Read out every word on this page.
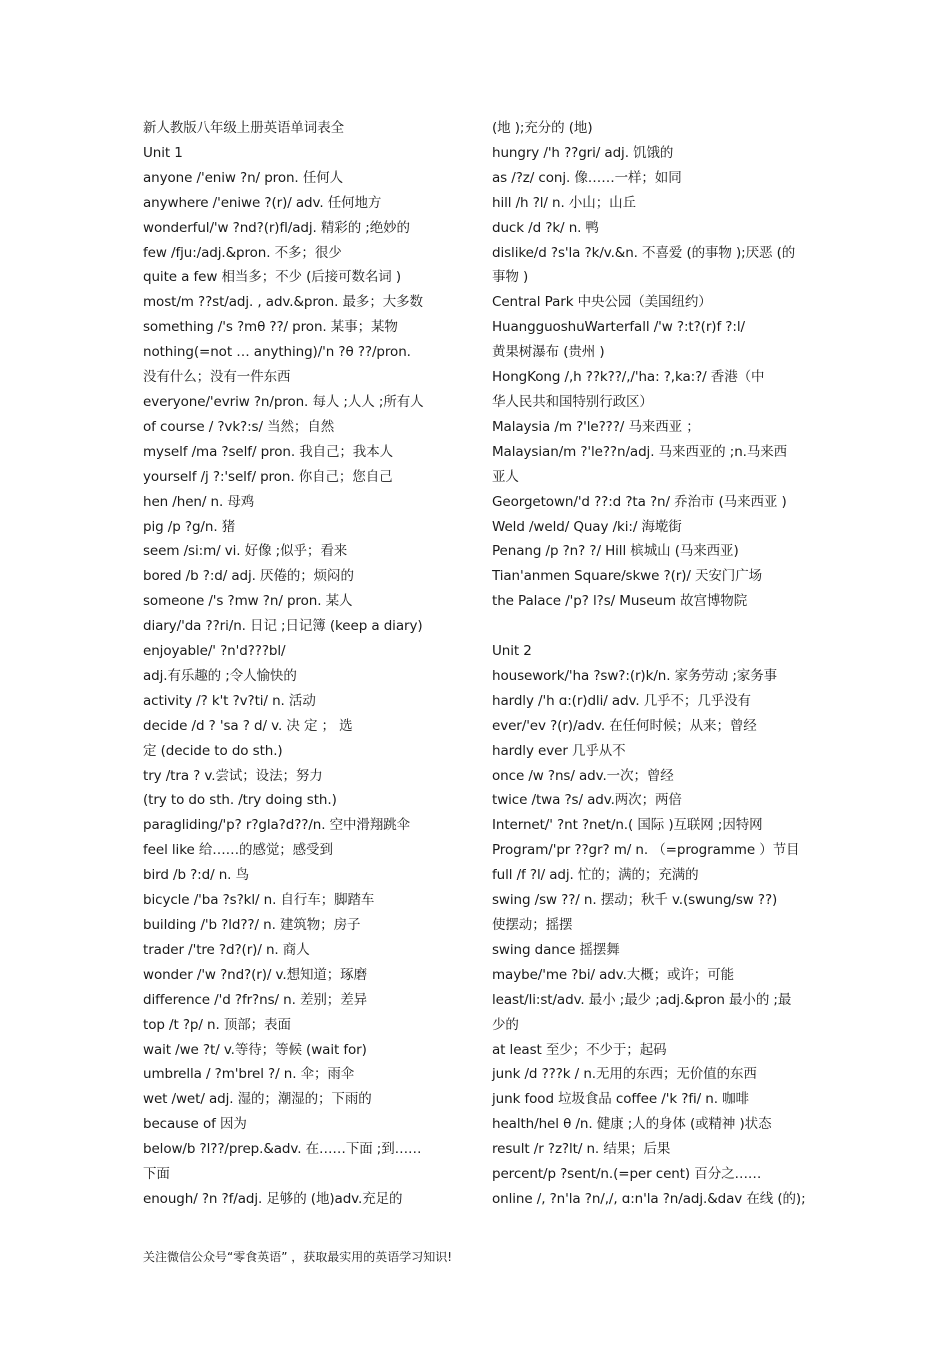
新人教版八年级上册英语单词表全
Unit 1
anyone /'eniw ?n/ pron. 任何人
anywhere /'eniwe ?(r)/ adv. 任何地方
wonderful/'w ?nd?(r)fl/adj. 精彩的 ;绝妙的
few /fju:/adj.&pron. 不多；很少
quite a few 相当多；不少 (后接可数名词 )
most/m ??st/adj. , adv.&pron. 最多；大多数
something /'s ?mθ ??/ pron. 某事；某物
nothing(=not … anything)/'n ?θ ??/pron.
没有什么；没有一件东西
everyone/'evriw ?n/pron. 每人 ;人人 ;所有人
of course / ?vk?:s/ 当然；自然
myself /ma ?self/ pron. 我自己；我本人
yourself /j ?:'self/ pron. 你自己；您自己
hen /hen/ n. 母鸡
pig /p ?g/n. 猪
seem /si:m/ vi. 好像 ;似乎；看来
bored /b ?:d/ adj. 厌倦的；烦闷的
someone /'s ?mw ?n/ pron. 某人
diary/'da ??ri/n. 日记 ;日记簿 (keep a diary)
enjoyable/' ?n'd???bl/
adj.有乐趣的 ;令人愉快的
activity /? k't ?v?ti/ n. 活动
decide /d ? 'sa ? d/ v. 决 定 ； 选
定 (decide to do sth.)
try /tra ? v.尝试；设法；努力
(try to do sth. /try doing sth.)
paragliding/'p? r?gla?d??/n. 空中滑翔跳伞
feel like 给……的感觉；感受到
bird /b ?:d/ n. 鸟
bicycle /'ba ?s?kl/ n. 自行车；脚踏车
building /'b ?ld??/ n. 建筑物；房子
trader /'tre ?d?(r)/ n. 商人
wonder /'w ?nd?(r)/ v.想知道；琢磨
difference /'d ?fr?ns/ n. 差别；差异
top /t ?p/ n. 顶部；表面
wait /we ?t/ v.等待；等候 (wait for)
umbrella / ?m'brel ?/ n. 伞；雨伞
wet /wet/ adj. 湿的；潮湿的；下雨的
because of 因为
below/b ?l??/prep.&adv. 在……下面 ;到……
下面
enough/ ?n ?f/adj. 足够的 (地)adv.充足的
(地 );充分的 (地)
hungry /'h ??gri/ adj. 饥饿的
as /?z/ conj. 像……一样；如同
hill /h ?l/ n. 小山；山丘
duck /d ?k/ n. 鸭
dislike/d ?s'la ?k/v.&n. 不喜爱 (的事物 );厌恶 (的
事物 )
Central Park 中央公园（美国纽约）
HuangguoshuWarterfall /'w ?:t?(r)f ?:l/
黄果树瀑布 (贵州 )
HongKong /,h ??k??/,/'ha: ?,ka:?/ 香港（中
华人民共和国特别行政区）
Malaysia /m ?'le???/ 马来西亚 ；
Malaysian/m ?'le??n/adj. 马来西亚的 ;n.马来西
亚人
Georgetown/'d ??:d ?ta ?n/ 乔治市 (马来西亚 )
Weld /weld/ Quay /ki:/ 海墘街
Penang /p ?n? ?/ Hill 槟城山 (马来西亚)
Tian'anmen Square/skwe ?(r)/ 天安门广场
the Palace /'p? l?s/ Museum 故宫博物院
Unit 2
housework/'ha ?sw?:(r)k/n. 家务劳动 ;家务事
hardly /'h ɑ:(r)dli/ adv. 几乎不；几乎没有
ever/'ev ?(r)/adv. 在任何时候；从来；曾经
hardly ever 几乎从不
once /w ?ns/ adv.一次；曾经
twice /twa ?s/ adv.两次；两倍
Internet/' ?nt ?net/n.( 国际 )互联网 ;因特网
Program/'pr ??gr? m/ n. （=programme ）节目
full /f ?l/ adj. 忙的；满的；充满的
swing /sw ??/ n. 摆动；秋千 v.(swung/sw ??)
使摆动；摇摆
swing dance 摇摆舞
maybe/'me ?bi/ adv.大概；或许；可能
least/li:st/adv. 最小 ;最少 ;adj.&pron 最小的 ;最
少的
at least 至少；不少于；起码
junk /d ???k / n.无用的东西；无价值的东西
junk food 垃圾食品 coffee /'k ?fi/ n. 咖啡
health/hel θ /n. 健康 ;人的身体 (或精神 )状态
result /r ?z?lt/ n. 结果；后果
percent/p ?sent/n.(=per cent) 百分之……
online /, ?n'la ?n/,/, ɑ:n'la ?n/adj.&dav 在线 (的);
关注微信公众号“零食英语” ，获取最实用的英语学习知识!
